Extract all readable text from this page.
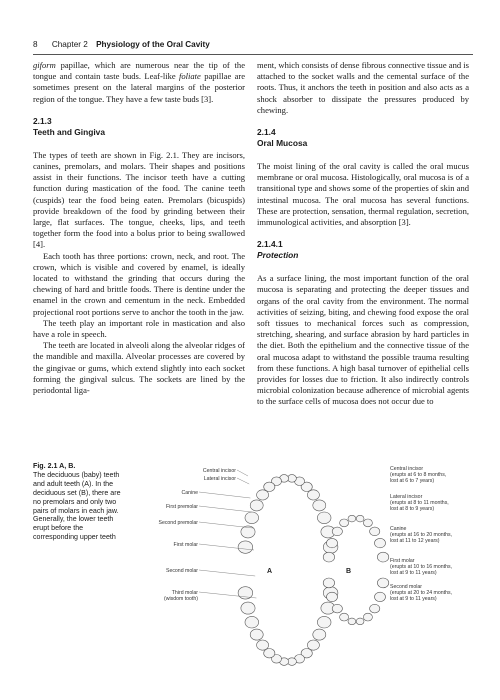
8 Chapter 2 Physiology of the Oral Cavity

giform papillae, which are numerous near the tip of the tongue and contain taste buds. Leaf-like foliate papillae are sometimes present on the lateral margins of the posterior region of the tongue. They have a few taste buds [3].

2.1.3
Teeth and Gingiva

The types of teeth are shown in Fig. 2.1. They are incisors, canines, premolars, and molars. Their shapes and positions assist in their functions. The incisor teeth have a cutting function during mastication of the food. The canine teeth (cuspids) tear the food being eaten. Premolars (bicuspids) provide breakdown of the food by grinding between their large, flat surfaces. The tongue, cheeks, lips, and teeth together form the food into a bolus prior to being swallowed [4].

Each tooth has three portions: crown, neck, and root. The crown, which is visible and covered by enamel, is ideally located to withstand the grinding that occurs during the chewing of hard and brittle foods. There is dentine under the enamel in the crown and cementum in the neck. Embedded projectional root portions serve to anchor the tooth in the jaw.

The teeth play an important role in mastication and also have a role in speech.

The teeth are located in alveoli along the alveolar ridges of the mandible and maxilla. Alveolar processes are covered by the gingivae or gums, which extend slightly into each socket forming the gingival sulcus. The sockets are lined by the periodontal liga-

ment, which consists of dense fibrous connective tissue and is attached to the socket walls and the cemental surface of the roots. Thus, it anchors the teeth in position and also acts as a shock absorber to dissipate the pressures produced by chewing.

2.1.4
Oral Mucosa

The moist lining of the oral cavity is called the oral mucus membrane or oral mucosa. Histologically, oral mucosa is of a transitional type and shows some of the properties of skin and intestinal mucosa. The oral mucosa has several functions. These are protection, sensation, thermal regulation, secretion, immunological activities, and absorption [3].

2.1.4.1
Protection

As a surface lining, the most important function of the oral mucosa is separating and protecting the deeper tissues and organs of the oral cavity from the environment. The normal activities of seizing, biting, and chewing food expose the oral soft tissues to mechanical forces such as compression, stretching, shearing, and surface abrasion by hard particles in the diet. Both the epithelium and the connective tissue of the oral mucosa adapt to withstand the possible trauma resulting from these functions. A high basal turnover of epithelial cells provides for losses due to friction. It also indirectly controls microbial colonization because adherence of microbial agents to the surface cells of mucosa does not occur due to

Fig. 2.1 A, B.
The deciduous (baby) teeth and adult teeth (A). In the deciduous set (B), there are no premolars and only two pairs of molars in each jaw. Generally, the lower teeth erupt before the corresponding upper teeth
Central incisor
Lateral incisor
Canine
First premolar
Second premolar
First molar
Second molar
Third molar
(wisdom tooth)
Central incisor
(erupts at 6 to 8 months,
lost at 6 to 7 years)
Lateral incisor
(erupts at 8 to 11 months,
lost at 8 to 9 years)
Canine
(erupts at 16 to 20 months,
lost at 11 to 12 years)
First molar
(erupts at 10 to 16 months,
lost at 9 to 11 years)
Second molar
(erupts at 20 to 24 months,
lost at 9 to 11 years)
A	B
